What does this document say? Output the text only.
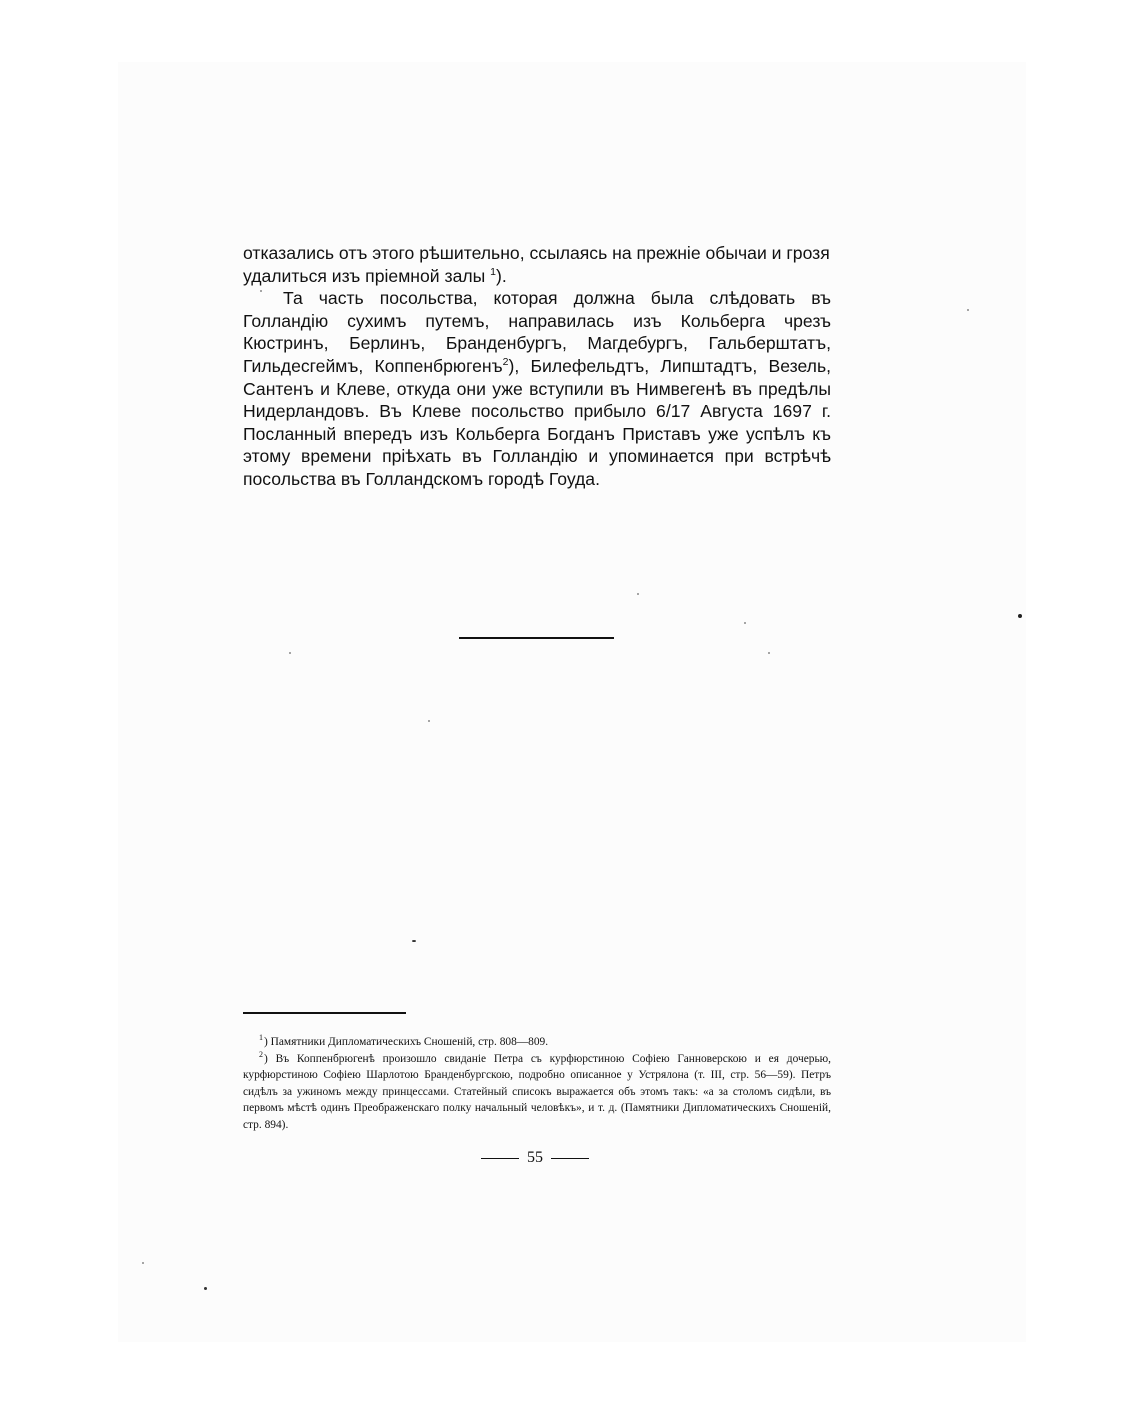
отказались отъ этого рѣшительно, ссылаясь на прежнiе обычаи и грозя
удалиться изъ прiемной залы $^1$).

Та часть посольства, которая должна была слѣдовать въ Голландiю сухимъ путемъ, направилась изъ Кольберга чрезъ Кюстринъ, Берлинъ, Бранденбургъ, Магдебургъ, Гальберштатъ, Гильдесгеймъ, Коппенбрюгенъ$^2$), Билефельдтъ, Липштадтъ, Везель, Сантенъ и Клеве, откуда они уже вступили въ Нимвегенѣ въ предѣлы Нидерландовъ. Въ Клеве посольство прибыло 6/17 Августа 1697 г. Посланный впередъ изъ Кольберга Богданъ Приставъ уже успѣлъ къ этому времени прiѣхать въ Голландiю и упоминается при встрѣчѣ посольства въ Голландскомъ городѣ Гоуда.

$^1$) Памятники Дипломатическихъ Сношенiй, стр. 808—809.

$^2$) Въ Коппенбрюгенѣ произошло свиданiе Петра съ курфюрстиною Софiею Ганноверскою и ея дочерью, курфюрстиною Софiею Шарлотою Бранденбургскою, подробно описанное у Устрялона (т. III, стр. 56—59). Петръ сидѣлъ за ужиномъ между принцессами. Статейный списокъ выражается объ этомъ такъ: «а за столомъ сидѣли, въ первомъ мѣстѣ одинъ Преображенскаго полку начальный человѣкъ», и т. д. (Памятники Дипломатическихъ Сношенiй, стр. 894).

55
